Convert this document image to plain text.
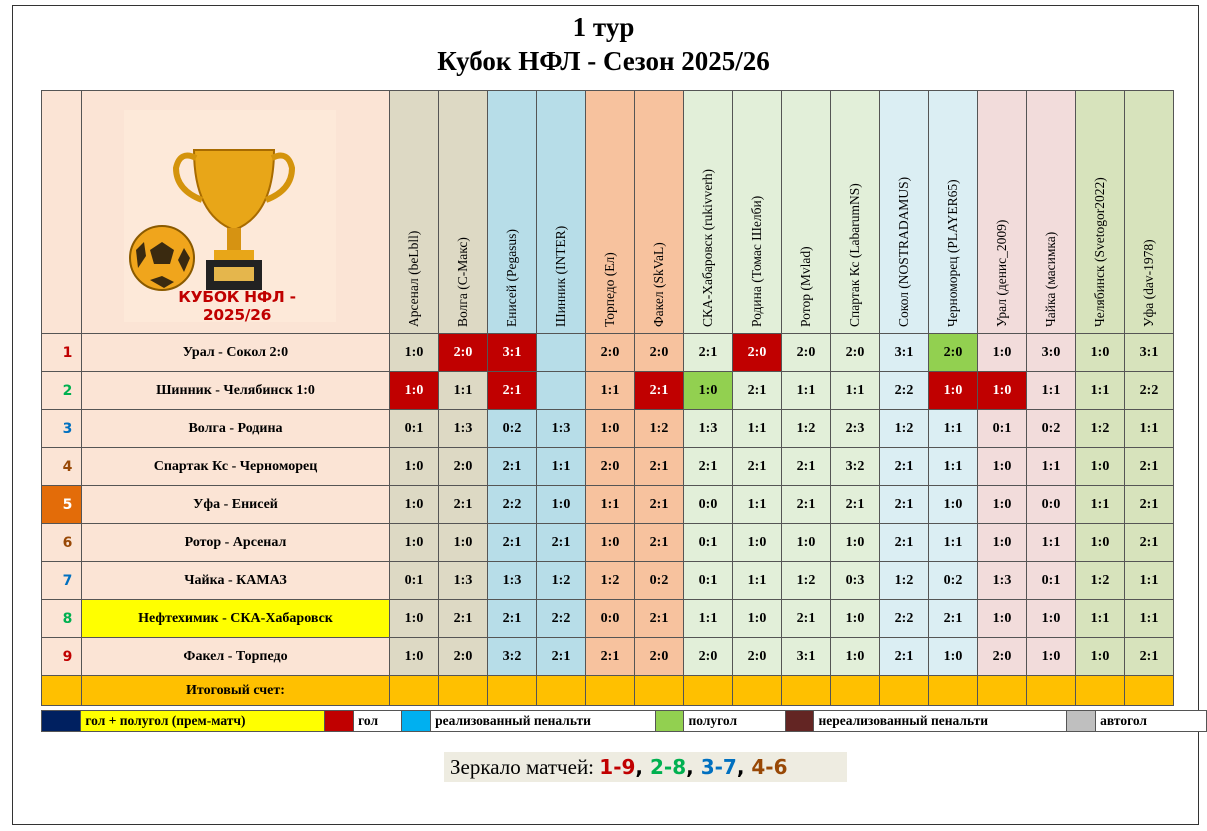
1 тур
Кубок НФЛ - Сезон 2025/26

		Арсенал (beLbll)	Волга (С-Макс)	Енисей (Pegasus)	Шинник (INTER)	Торпедо (Ел)	Факел (SkVaL)	СКА-Хабаровск (rukivverh)	Родина (Томас Шелби)	Ротор (Mvlad)	Спартак Кс (LabarumNS)	Сокол (NOSTRADAMUS)	Черноморец (PLAYER65)	Урал (денис_2009)	Чайка (масимка)	Челябинск (Svetogor2022)	Уфа (dav-1978)

1	Урал - Сокол 2:0	1:0	2:0	3:1		2:0	2:0	2:1	2:0	2:0	2:0	3:1	2:0	1:0	3:0	1:0	3:1
2	Шинник - Челябинск 1:0	1:0	1:1	2:1		1:1	2:1	1:0	2:1	1:1	1:1	2:2	1:0	1:0	1:1	1:1	2:2
3	Волга - Родина	0:1	1:3	0:2	1:3	1:0	1:2	1:3	1:1	1:2	2:3	1:2	1:1	0:1	0:2	1:2	1:1
4	Спартак Кс - Черноморец	1:0	2:0	2:1	1:1	2:0	2:1	2:1	2:1	2:1	3:2	2:1	1:1	1:0	1:1	1:0	2:1
5	Уфа - Енисей	1:0	2:1	2:2	1:0	1:1	2:1	0:0	1:1	2:1	2:1	2:1	1:0	1:0	0:0	1:1	2:1
6	Ротор - Арсенал	1:0	1:0	2:1	2:1	1:0	2:1	0:1	1:0	1:0	1:0	2:1	1:1	1:0	1:1	1:0	2:1
7	Чайка - КАМАЗ	0:1	1:3	1:3	1:2	1:2	0:2	0:1	1:1	1:2	0:3	1:2	0:2	1:3	0:1	1:2	1:1
8	Нефтехимик - СКА-Хабаровск	1:0	2:1	2:1	2:2	0:0	2:1	1:1	1:0	2:1	1:0	2:2	2:1	1:0	1:0	1:1	1:1
9	Факел - Торпедо	1:0	2:0	3:2	2:1	2:1	2:0	2:0	2:0	3:1	1:0	2:1	1:0	2:0	1:0	1:0	2:1
	Итоговый счет:																
КУБОК НФЛ - 2025/26
	гол + полугол (прем-матч)		гол		реализованный пенальти		полугол		нереализованный пенальти		автогол
Зеркало матчей: 1-9, 2-8, 3-7, 4-6
